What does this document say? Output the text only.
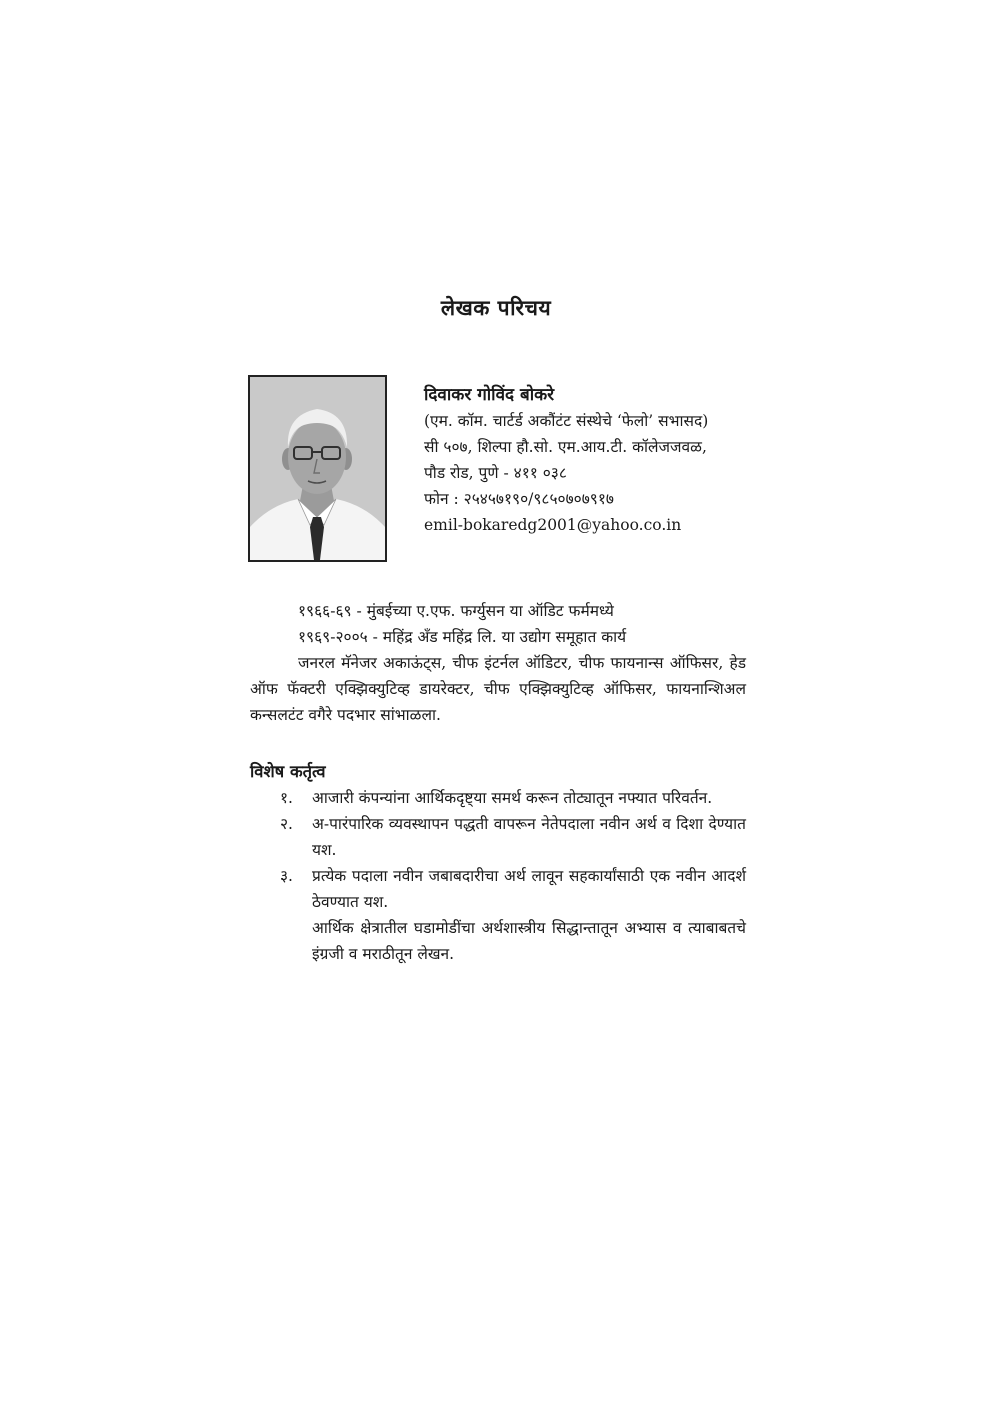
लेखक परिचय
दिवाकर गोविंद बोकरे
(एम. कॉम. चार्टर्ड अकौंटंट संस्थेचे ‘फेलो’ सभासद)
सी ५०७, शिल्पा हौ.सो. एम.आय.टी. कॉलेजजवळ,
पौड रोड, पुणे - ४११ ०३८
फोन : २५४५७१९०/९८५०७०७९१७
emil-bokaredg2001@yahoo.co.in
१९६६-६९ - मुंबईच्या ए.एफ. फर्ग्युसन या ऑडिट फर्ममध्ये
१९६९-२००५ - महिंद्र अँड महिंद्र लि. या उद्योग समूहात कार्य
जनरल मॅनेजर अकाऊंट्स, चीफ इंटर्नल ऑडिटर, चीफ फायनान्स ऑफिसर, हेड ऑफ फॅक्टरी एक्झिक्युटिव्ह डायरेक्टर, चीफ एक्झिक्युटिव्ह ऑफिसर, फायनान्शिअल कन्सलटंट वगैरे पदभार सांभाळला.
विशेष कर्तृत्व
१. आजारी कंपन्यांना आर्थिकदृष्ट्या समर्थ करून तोट्यातून नफ्यात परिवर्तन.
२. अ-पारंपारिक व्यवस्थापन पद्धती वापरून नेतेपदाला नवीन अर्थ व दिशा देण्यात यश.
३. प्रत्येक पदाला नवीन जबाबदारीचा अर्थ लावून सहकार्यांसाठी एक नवीन आदर्श ठेवण्यात यश.
आर्थिक क्षेत्रातील घडामोडींचा अर्थशास्त्रीय सिद्धान्तातून अभ्यास व त्याबाबतचे इंग्रजी व मराठीतून लेखन.
